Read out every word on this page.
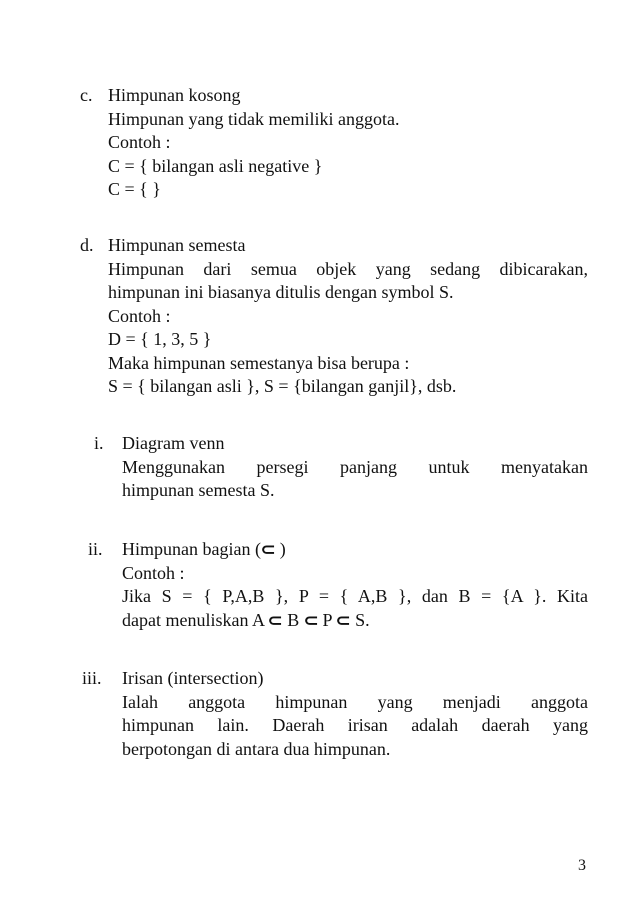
c. Himpunan kosong
Himpunan yang tidak memiliki anggota.
Contoh :
C = { bilangan asli negative }
C = { }
d. Himpunan semesta
Himpunan dari semua objek yang sedang dibicarakan,
himpunan ini biasanya ditulis dengan symbol S.
Contoh :
D = { 1, 3, 5 }
Maka himpunan semestanya bisa berupa :
S = { bilangan asli }, S = {bilangan ganjil}, dsb.
i. Diagram venn
Menggunakan persegi panjang untuk menyatakan
himpunan semesta S.
ii. Himpunan bagian (⊂ )
Contoh :
Jika S = { P,A,B }, P = { A,B }, dan B = {A }. Kita
dapat menuliskan A ⊂ B ⊂ P ⊂ S.
iii. Irisan (intersection)
Ialah anggota himpunan yang menjadi anggota
himpunan lain. Daerah irisan adalah daerah yang
berpotongan di antara dua himpunan.
3
